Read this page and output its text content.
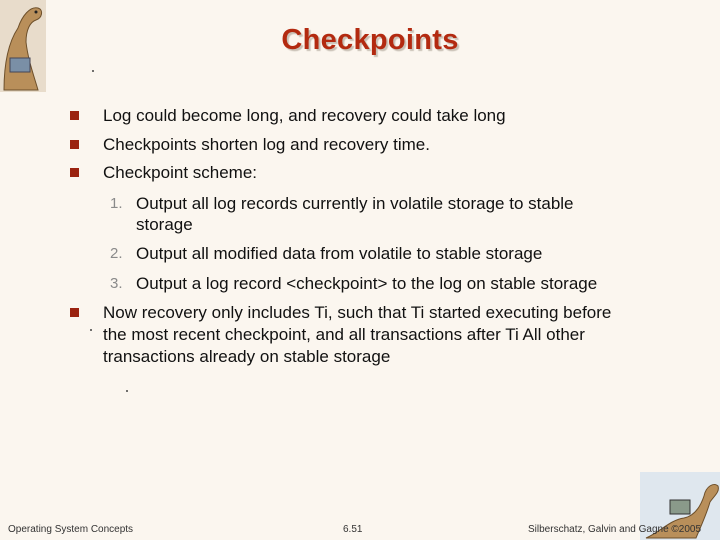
Checkpoints
Log could become long, and recovery could take long
Checkpoints shorten log and recovery time.
Checkpoint scheme:
1. Output all log records currently in volatile storage to stable storage
2. Output all modified data from volatile to stable storage
3. Output a log record <checkpoint> to the log on stable storage
Now recovery only includes Ti, such that Ti started executing before the most recent checkpoint, and all transactions after Ti All other transactions already on stable storage
Operating System Concepts	6.51	Silberschatz, Galvin and Gagne ©2005
